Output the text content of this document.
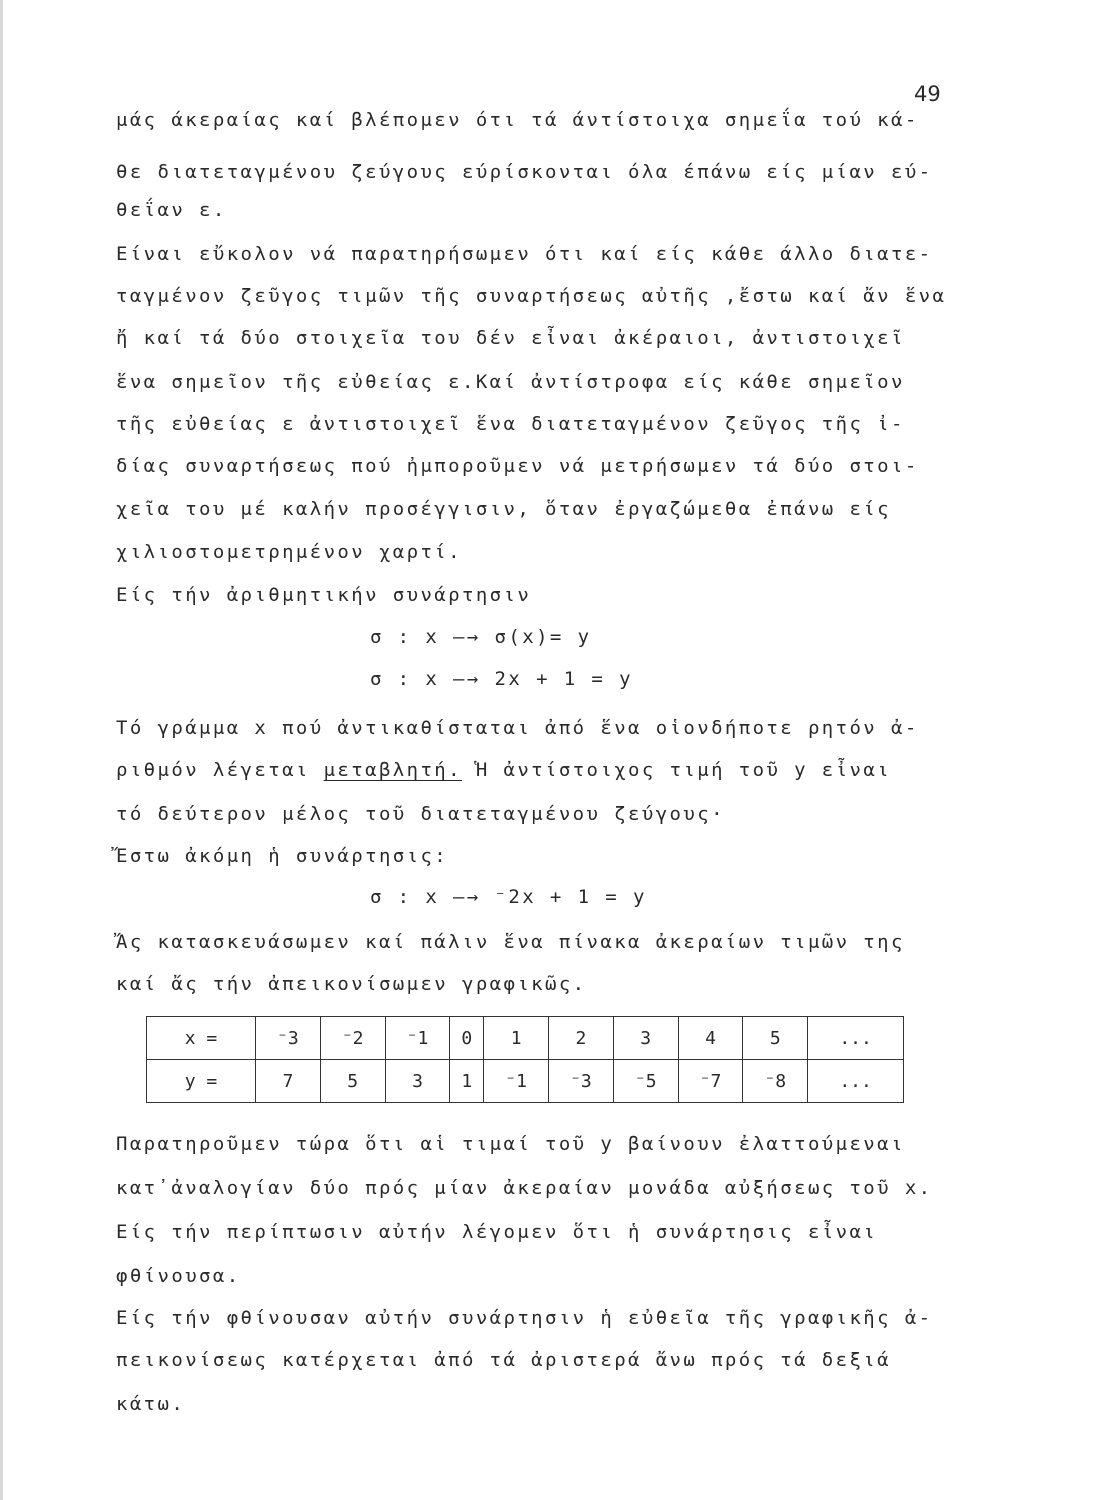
49
μάς άκεραίας καί βλέπομεν ότι τά άντίστοιχα σημεΐα τού κά-
θε διατεταγμένου ζεύγους εύρίσκονται όλα έπάνω είς μίαν εύ-
θεΐαν ε.
Είναι εὔκολον νά παρατηρήσωμεν ότι καί είς κάθε άλλο διατε-
ταγμένον ζεῦγος τιμῶν τῆς συναρτήσεως αὐτῆς ,ἔστω καί ἄν ἕνα
ἤ καί τά δύο στοιχεῖα του δέν εἶναι ἀκέραιοι, ἀντιστοιχεῖ
ἕνα σημεῖον τῆς εὐθείας ε.Καί ἀντίστροφα είς κάθε σημεῖον
τῆς εὐθείας ε ἀντιστοιχεῖ ἕνα διατεταγμένον ζεῦγος τῆς ἰ-
δίας συναρτήσεως πού ἠμποροῦμεν νά μετρήσωμεν τά δύο στοι-
χεῖα του μέ καλήν προσέγγισιν, ὅταν ἐργαζώμεθα ἐπάνω είς
χιλιοστομετρημένον χαρτί.
Είς τήν ἀριθμητικήν συνάρτησιν
σ : x —→ σ(x)= y
σ : x —→ 2x + 1 = y
Τό γράμμα x πού ἀντικαθίσταται ἀπό ἕνα οἱονδήποτε ρητόν ἀ-
ριθμόν λέγεται μεταβλητή. Ἡ ἀντίστοιχος τιμή τοῦ y εἶναι
τό δεύτερον μέλος τοῦ διατεταγμένου ζεύγους·
Ἔστω ἀκόμη ἡ συνάρτησις:
σ : x —→ ⁻2x + 1 = y
Ἄς κατασκευάσωμεν καί πάλιν ἕνα πίνακα ἀκεραίων τιμῶν της
καί ἄς τήν ἀπεικονίσωμεν γραφικῶς.
x =	⁻3	⁻2	⁻1	0	1	2	3	4	5	...
y =	7	5	3	1	⁻1	⁻3	⁻5	⁻7	⁻8	...
Παρατηροῦμεν τώρα ὅτι αἱ τιμαί τοῦ y βαίνουν ἐλαττούμεναι
κατ᾿ἀναλογίαν δύο πρός μίαν ἀκεραίαν μονάδα αὐξήσεως τοῦ x.
Είς τήν περίπτωσιν αὐτήν λέγομεν ὅτι ἡ συνάρτησις εἶναι
φθίνουσα.
Είς τήν φθίνουσαν αὐτήν συνάρτησιν ἡ εὐθεῖα τῆς γραφικῆς ἀ-
πεικονίσεως κατέρχεται ἀπό τά ἀριστερά ἄνω πρός τά δεξιά
κάτω.
